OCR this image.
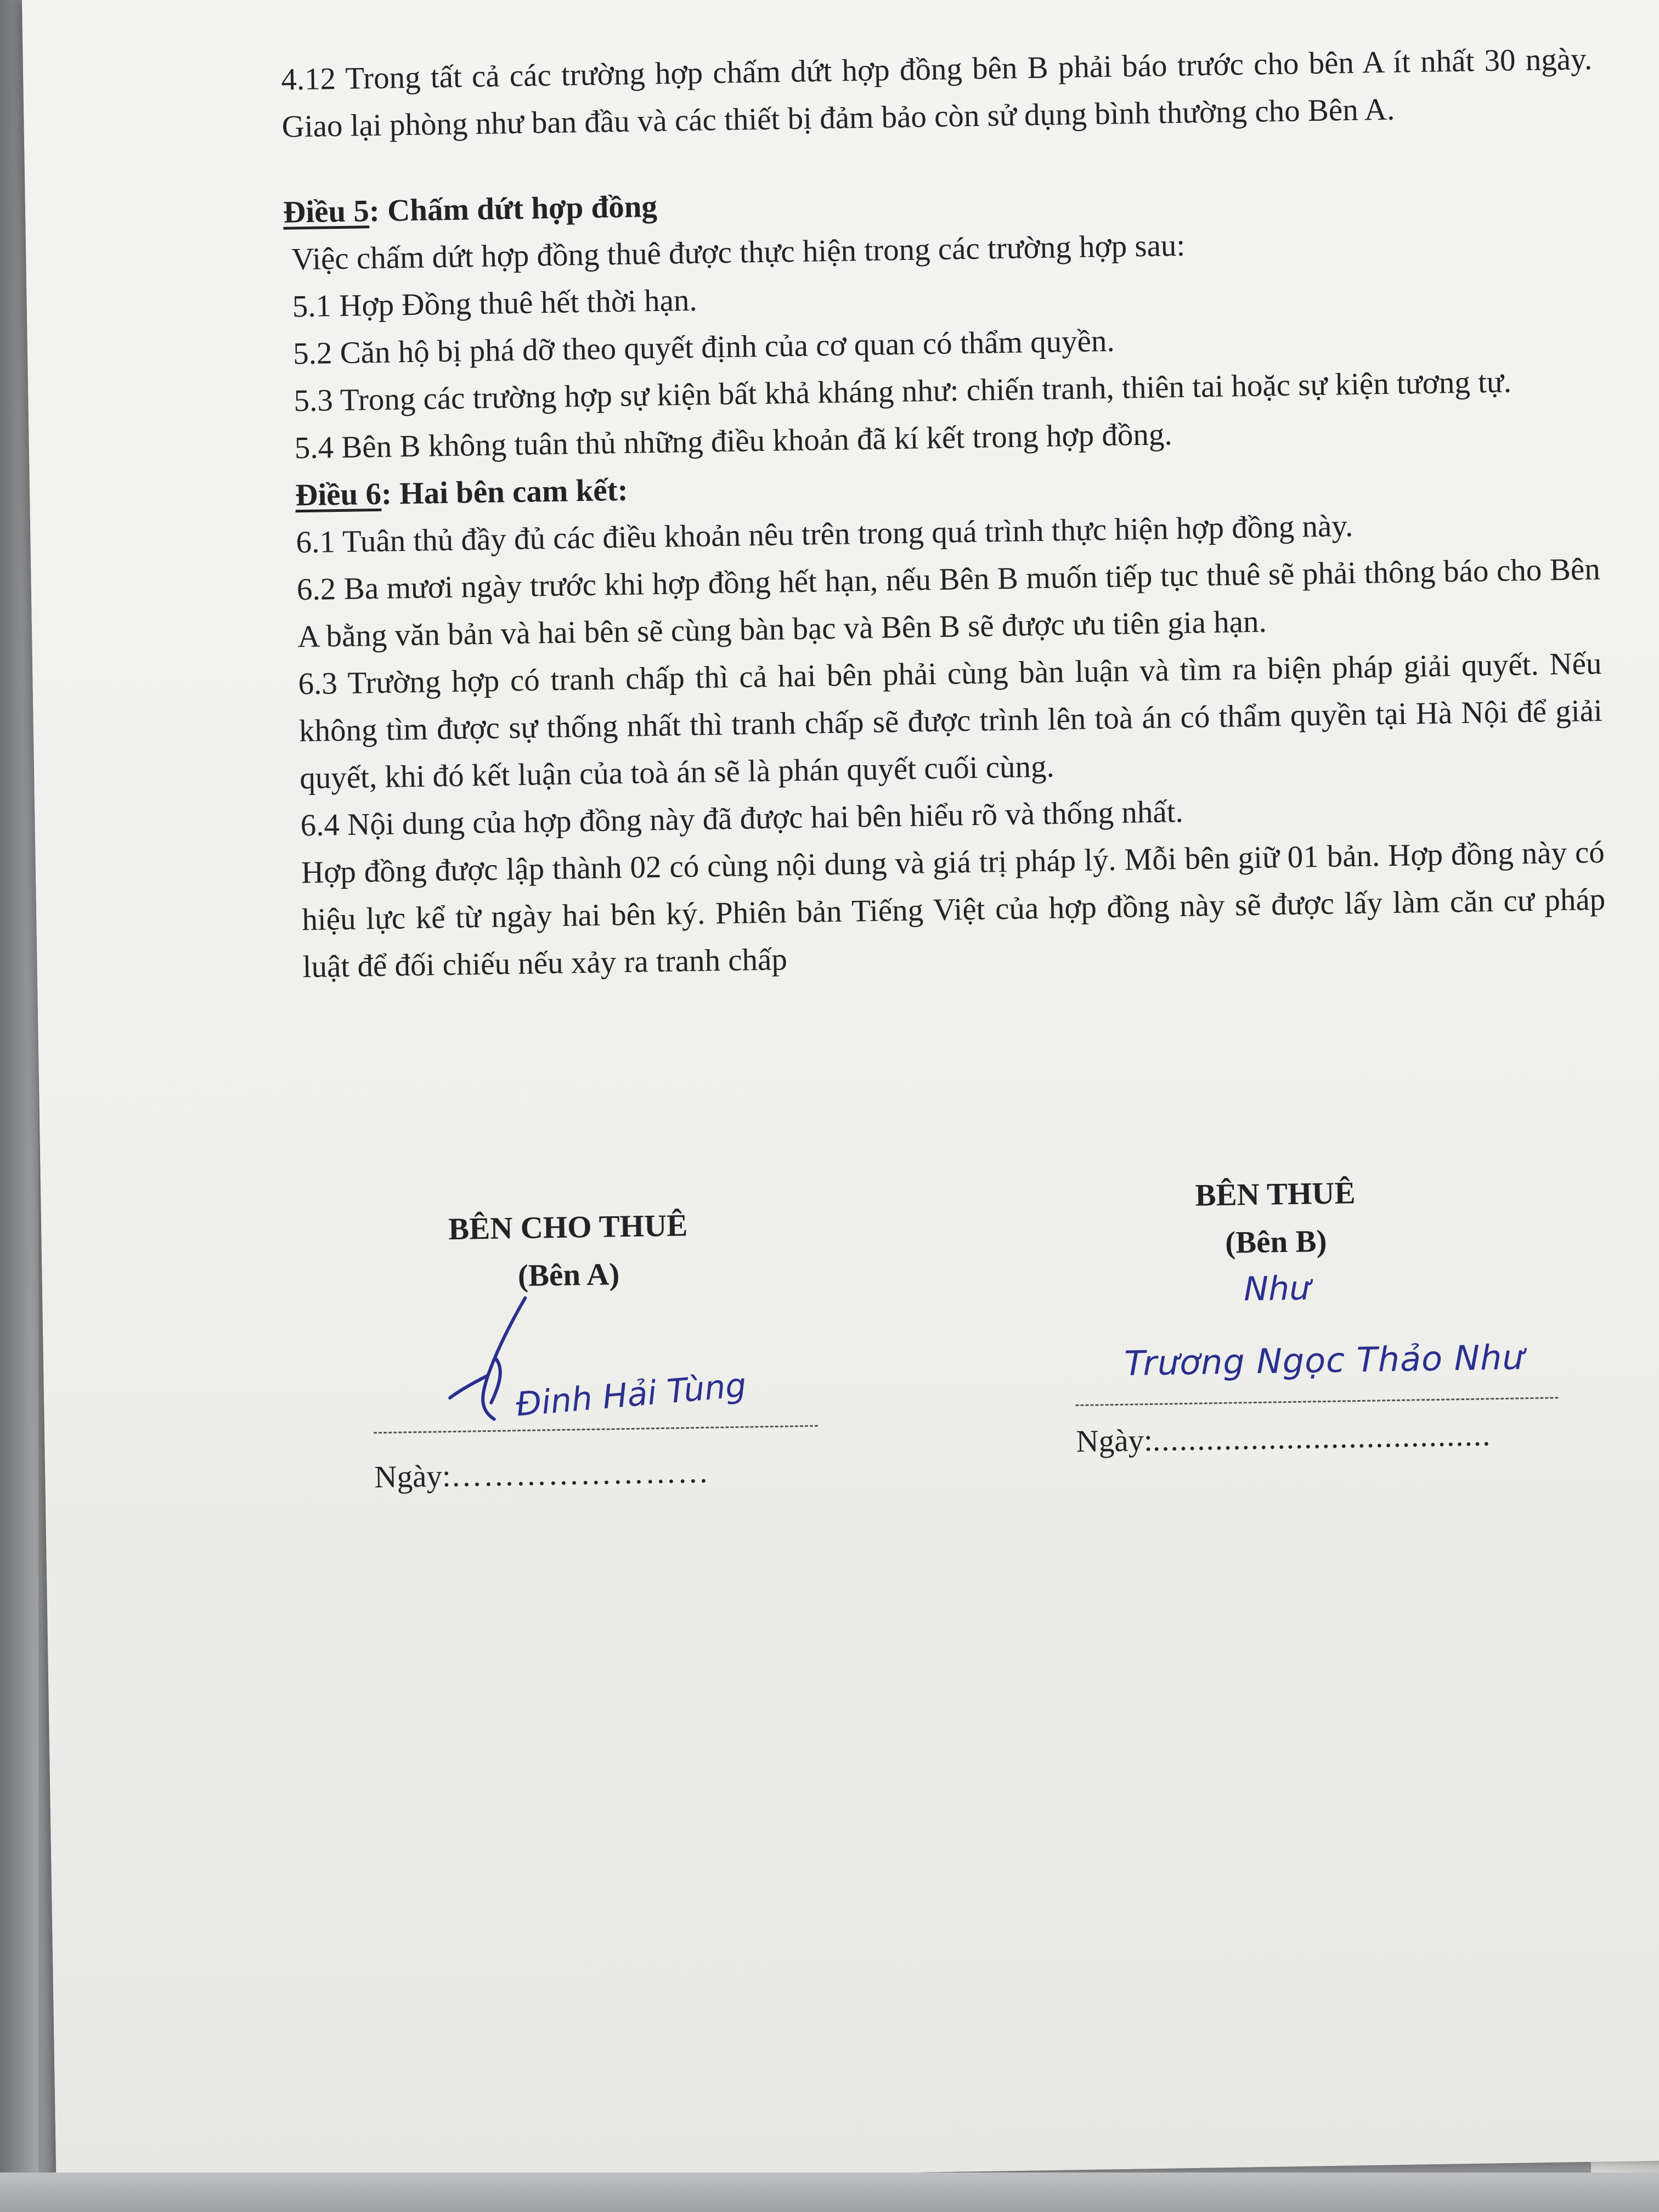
4.12 Trong tất cả các trường hợp chấm dứt hợp đồng bên B phải báo trước cho bên A ít nhất 30 ngày. Giao lại phòng như ban đầu và các thiết bị đảm bảo còn sử dụng bình thường cho Bên A.

Điều 5: Chấm dứt hợp đồng

Việc chấm dứt hợp đồng thuê được thực hiện trong các trường hợp sau:

5.1 Hợp Đồng thuê hết thời hạn.

5.2 Căn hộ bị phá dỡ theo quyết định của cơ quan có thẩm quyền.

5.3 Trong các trường hợp sự kiện bất khả kháng như: chiến tranh, thiên tai hoặc sự kiện tương tự.

5.4 Bên B không tuân thủ những điều khoản đã kí kết trong hợp đồng.

Điều 6: Hai bên cam kết:

6.1 Tuân thủ đầy đủ các điều khoản nêu trên trong quá trình thực hiện hợp đồng này.

6.2 Ba mươi ngày trước khi hợp đồng hết hạn, nếu Bên B muốn tiếp tục thuê sẽ phải thông báo cho Bên A bằng văn bản và hai bên sẽ cùng bàn bạc và Bên B sẽ được ưu tiên gia hạn.

6.3 Trường hợp có tranh chấp thì cả hai bên phải cùng bàn luận và tìm ra biện pháp giải quyết. Nếu không tìm được sự thống nhất thì tranh chấp sẽ được trình lên toà án có thẩm quyền tại Hà Nội để giải quyết, khi đó kết luận của toà án sẽ là phán quyết cuối cùng.

6.4 Nội dung của hợp đồng này đã được hai bên hiểu rõ và thống nhất.

Hợp đồng được lập thành 02 có cùng nội dung và giá trị pháp lý. Mỗi bên giữ 01 bản. Hợp đồng này có hiệu lực kể từ ngày hai bên ký. Phiên bản Tiếng Việt của hợp đồng này sẽ được lấy làm căn cư pháp luật để đối chiếu nếu xảy ra tranh chấp

BÊN CHO THUÊ
(Bên A)
BÊN THUÊ
(Bên B)
Đinh Hải Tùng
Ngày:……………………
Như
Trương Ngọc Thảo Như
Ngày:......................................
